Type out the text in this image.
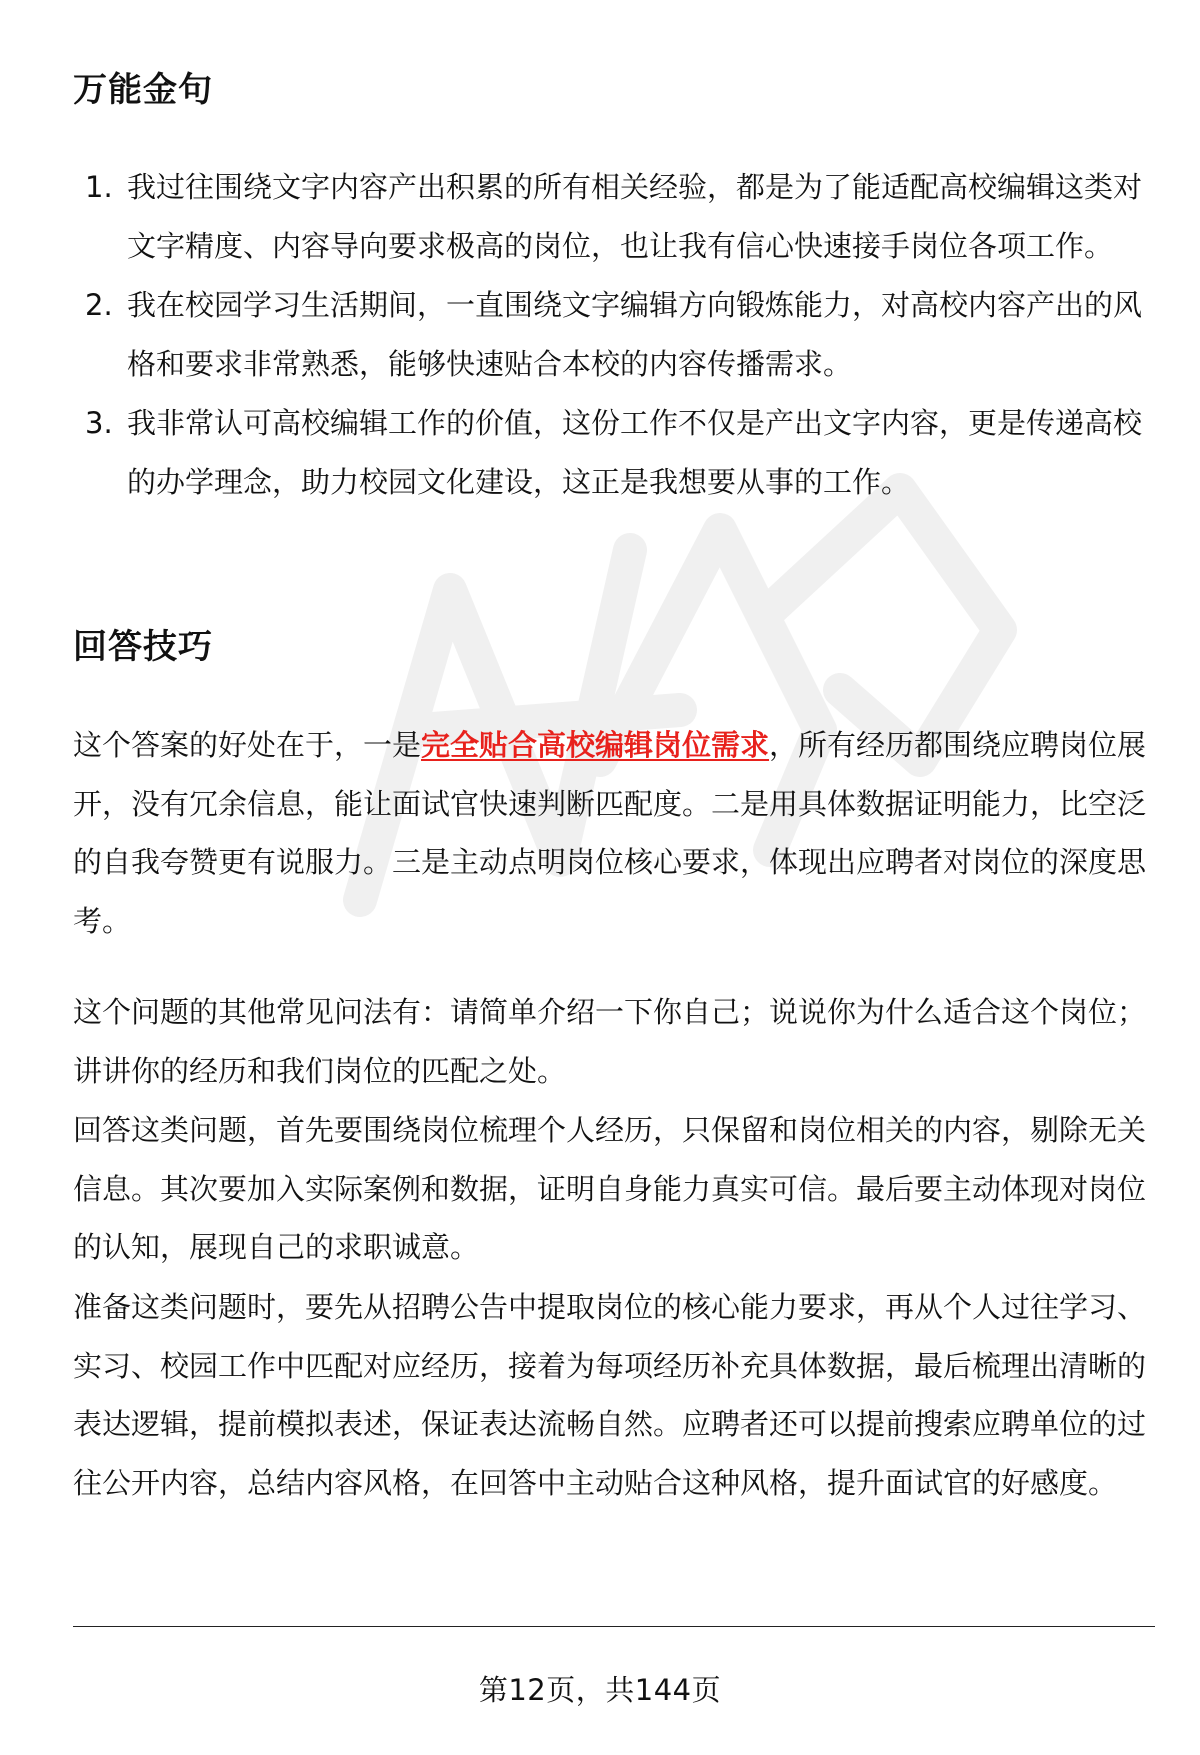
万能金句
1. 我过往围绕文字内容产出积累的所有相关经验，都是为了能适配高校编辑这类对文字精度、内容导向要求极高的岗位，也让我有信心快速接手岗位各项工作。
2. 我在校园学习生活期间，一直围绕文字编辑方向锻炼能力，对高校内容产出的风格和要求非常熟悉，能够快速贴合本校的内容传播需求。
3. 我非常认可高校编辑工作的价值，这份工作不仅是产出文字内容，更是传递高校的办学理念，助力校园文化建设，这正是我想要从事的工作。
回答技巧

这个答案的好处在于，一是完全贴合高校编辑岗位需求，所有经历都围绕应聘岗位展开，没有冗余信息，能让面试官快速判断匹配度。二是用具体数据证明能力，比空泛的自我夸赞更有说服力。三是主动点明岗位核心要求，体现出应聘者对岗位的深度思考。

这个问题的其他常见问法有：请简单介绍一下你自己；说说你为什么适合这个岗位；讲讲你的经历和我们岗位的匹配之处。

回答这类问题，首先要围绕岗位梳理个人经历，只保留和岗位相关的内容，剔除无关信息。其次要加入实际案例和数据，证明自身能力真实可信。最后要主动体现对岗位的认知，展现自己的求职诚意。

准备这类问题时，要先从招聘公告中提取岗位的核心能力要求，再从个人过往学习、实习、校园工作中匹配对应经历，接着为每项经历补充具体数据，最后梳理出清晰的表达逻辑，提前模拟表述，保证表达流畅自然。应聘者还可以提前搜索应聘单位的过往公开内容，总结内容风格，在回答中主动贴合这种风格，提升面试官的好感度。

第12页，共144页
